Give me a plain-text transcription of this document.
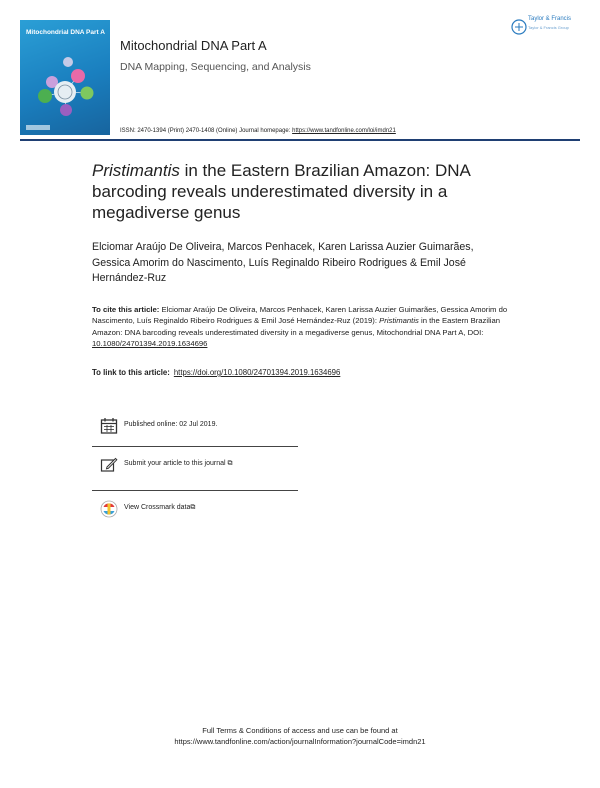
Mitochondrial DNA Part A
Mitochondrial DNA Part A
DNA Mapping, Sequencing, and Analysis
Taylor & Francis
Taylor & Francis Group
ISSN: 2470-1394 (Print) 2470-1408 (Online) Journal homepage: https://www.tandfonline.com/loi/imdn21
Pristimantis in the Eastern Brazilian Amazon: DNA barcoding reveals underestimated diversity in a megadiverse genus
Elciomar Araújo De Oliveira, Marcos Penhacek, Karen Larissa Auzier Guimarães, Gessica Amorim do Nascimento, Luís Reginaldo Ribeiro Rodrigues & Emil José Hernández-Ruz
To cite this article: Elciomar Araújo De Oliveira, Marcos Penhacek, Karen Larissa Auzier Guimarães, Gessica Amorim do Nascimento, Luís Reginaldo Ribeiro Rodrigues & Emil José Hernández-Ruz (2019): Pristimantis in the Eastern Brazilian Amazon: DNA barcoding reveals underestimated diversity in a megadiverse genus, Mitochondrial DNA Part A, DOI: 10.1080/24701394.2019.1634696
To link to this article: https://doi.org/10.1080/24701394.2019.1634696
Published online: 02 Jul 2019.
Submit your article to this journal ⧉
View Crossmark data⧉
Full Terms & Conditions of access and use can be found at
https://www.tandfonline.com/action/journalInformation?journalCode=imdn21
